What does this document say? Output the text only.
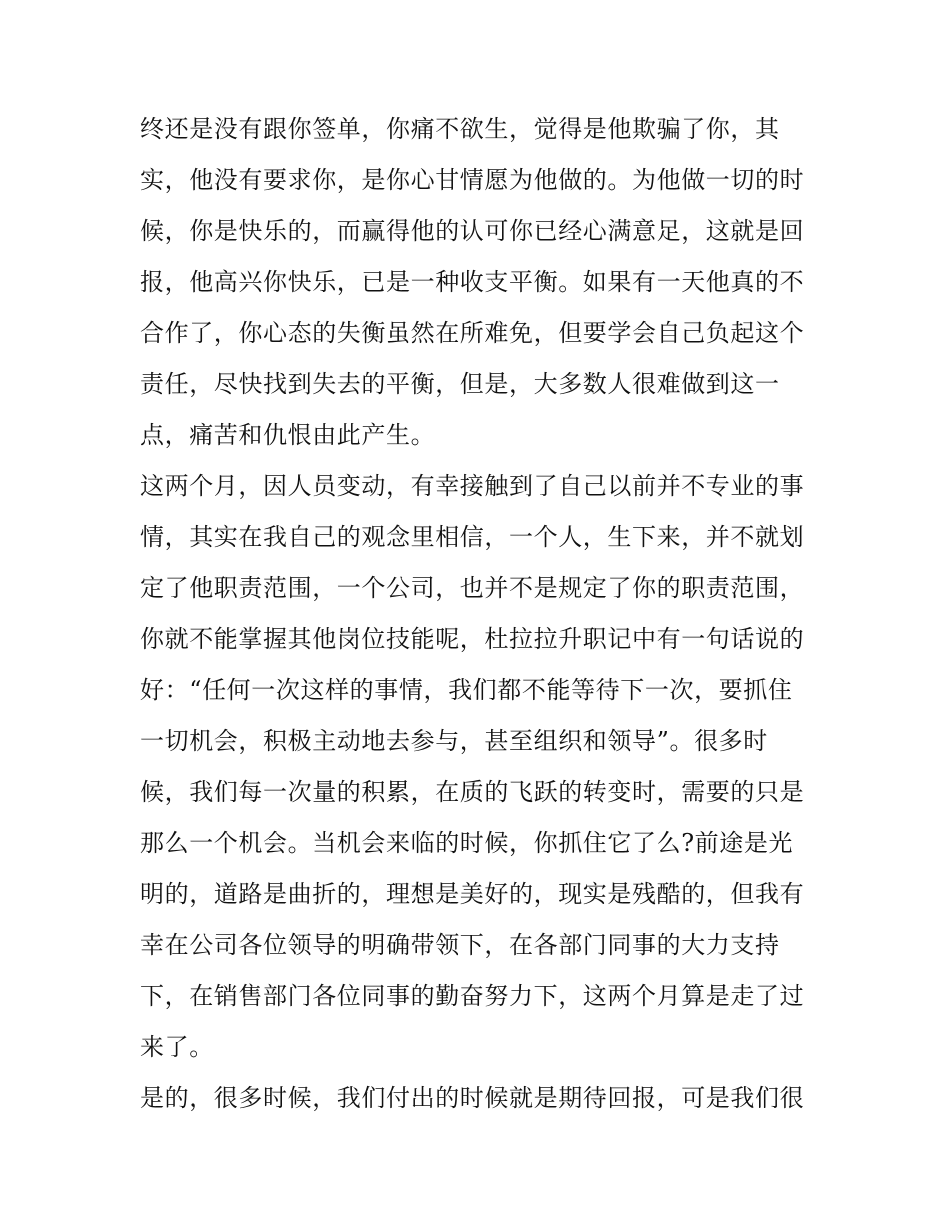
终还是没有跟你签单，你痛不欲生，觉得是他欺骗了你，其
实，他没有要求你，是你心甘情愿为他做的。为他做一切的时
候，你是快乐的，而赢得他的认可你已经心满意足，这就是回
报，他高兴你快乐，已是一种收支平衡。如果有一天他真的不
合作了，你心态的失衡虽然在所难免，但要学会自己负起这个
责任，尽快找到失去的平衡，但是，大多数人很难做到这一
点，痛苦和仇恨由此产生。
这两个月，因人员变动，有幸接触到了自己以前并不专业的事
情，其实在我自己的观念里相信，一个人，生下来，并不就划
定了他职责范围，一个公司，也并不是规定了你的职责范围，
你就不能掌握其他岗位技能呢，杜拉拉升职记中有一句话说的
好：“任何一次这样的事情，我们都不能等待下一次，要抓住
一切机会，积极主动地去参与，甚至组织和领导”。很多时
候，我们每一次量的积累，在质的飞跃的转变时，需要的只是
那么一个机会。当机会来临的时候，你抓住它了么?前途是光
明的，道路是曲折的，理想是美好的，现实是残酷的，但我有
幸在公司各位领导的明确带领下，在各部门同事的大力支持
下，在销售部门各位同事的勤奋努力下，这两个月算是走了过
来了。
是的，很多时候，我们付出的时候就是期待回报，可是我们很
